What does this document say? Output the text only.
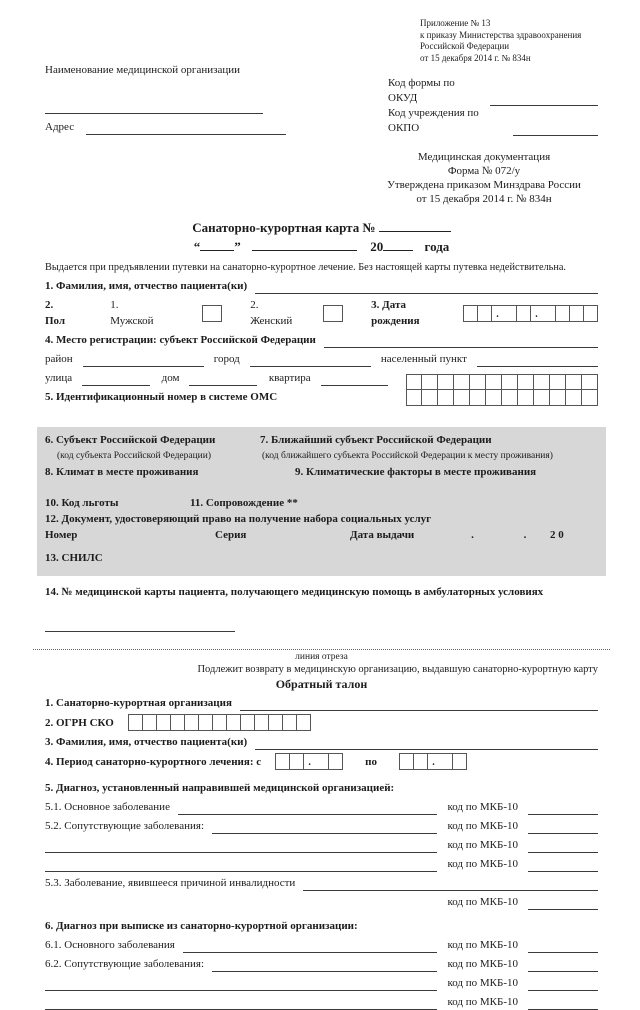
Наименование медицинской организации
Адрес
Приложение № 13
к приказу Министерства здравоохранения
Российской Федерации
от 15 декабря 2014 г. № 834н
Код формы по ОКУД
Код учреждения по ОКПО
Медицинская документация
Форма № 072/у
Утверждена приказом Минздрава России
от 15 декабря 2014 г. № 834н
Санаторно-курортная карта №
“	”	20	года
Выдается при предъявлении путевки на санаторно-курортное лечение. Без настоящей карты путевка недействительна.
1. Фамилия, имя, отчество пациента(ки)
2. Пол
1. Мужской
2. Женский
3. Дата рождения
.	.
4. Место регистрации: субъект Российской Федерации
район	город	населенный пункт
улица	дом	квартира
5. Идентификационный номер в системе ОМС
6. Субъект Российской Федерации	7. Ближайший субъект Российской Федерации
(код субъекта Российской Федерации)	(код ближайшего субъекта Российской Федерации к месту проживания)
8. Климат в месте проживания	9. Климатические факторы в месте проживания
10. Код льготы	11. Сопровождение **
12. Документ, удостоверяющий право на получение набора социальных услуг
Номер	Серия	Дата выдачи	.	.	2 0
13. СНИЛС
14. № медицинской карты пациента, получающего медицинскую помощь в амбулаторных условиях
линия отреза
Подлежит возврату в медицинскую организацию, выдавшую санаторно-курортную карту
Обратный талон
1. Санаторно-курортная организация
2. ОГРН СКО
3. Фамилия, имя, отчество пациента(ки)
4. Период санаторно-курортного лечения: с	.	по	.
5. Диагноз, установленный направившей медицинской организацией:
5.1. Основное заболевание	код по МКБ-10
5.2. Сопутствующие заболевания:	код по МКБ-10
код по МКБ-10
код по МКБ-10
5.3. Заболевание, явившееся причиной инвалидности
код по МКБ-10
6. Диагноз при выписке из санаторно-курортной организации:
6.1. Основного заболевания	код по МКБ-10
6.2. Сопутствующие заболевания:	код по МКБ-10
код по МКБ-10
код по МКБ-10
